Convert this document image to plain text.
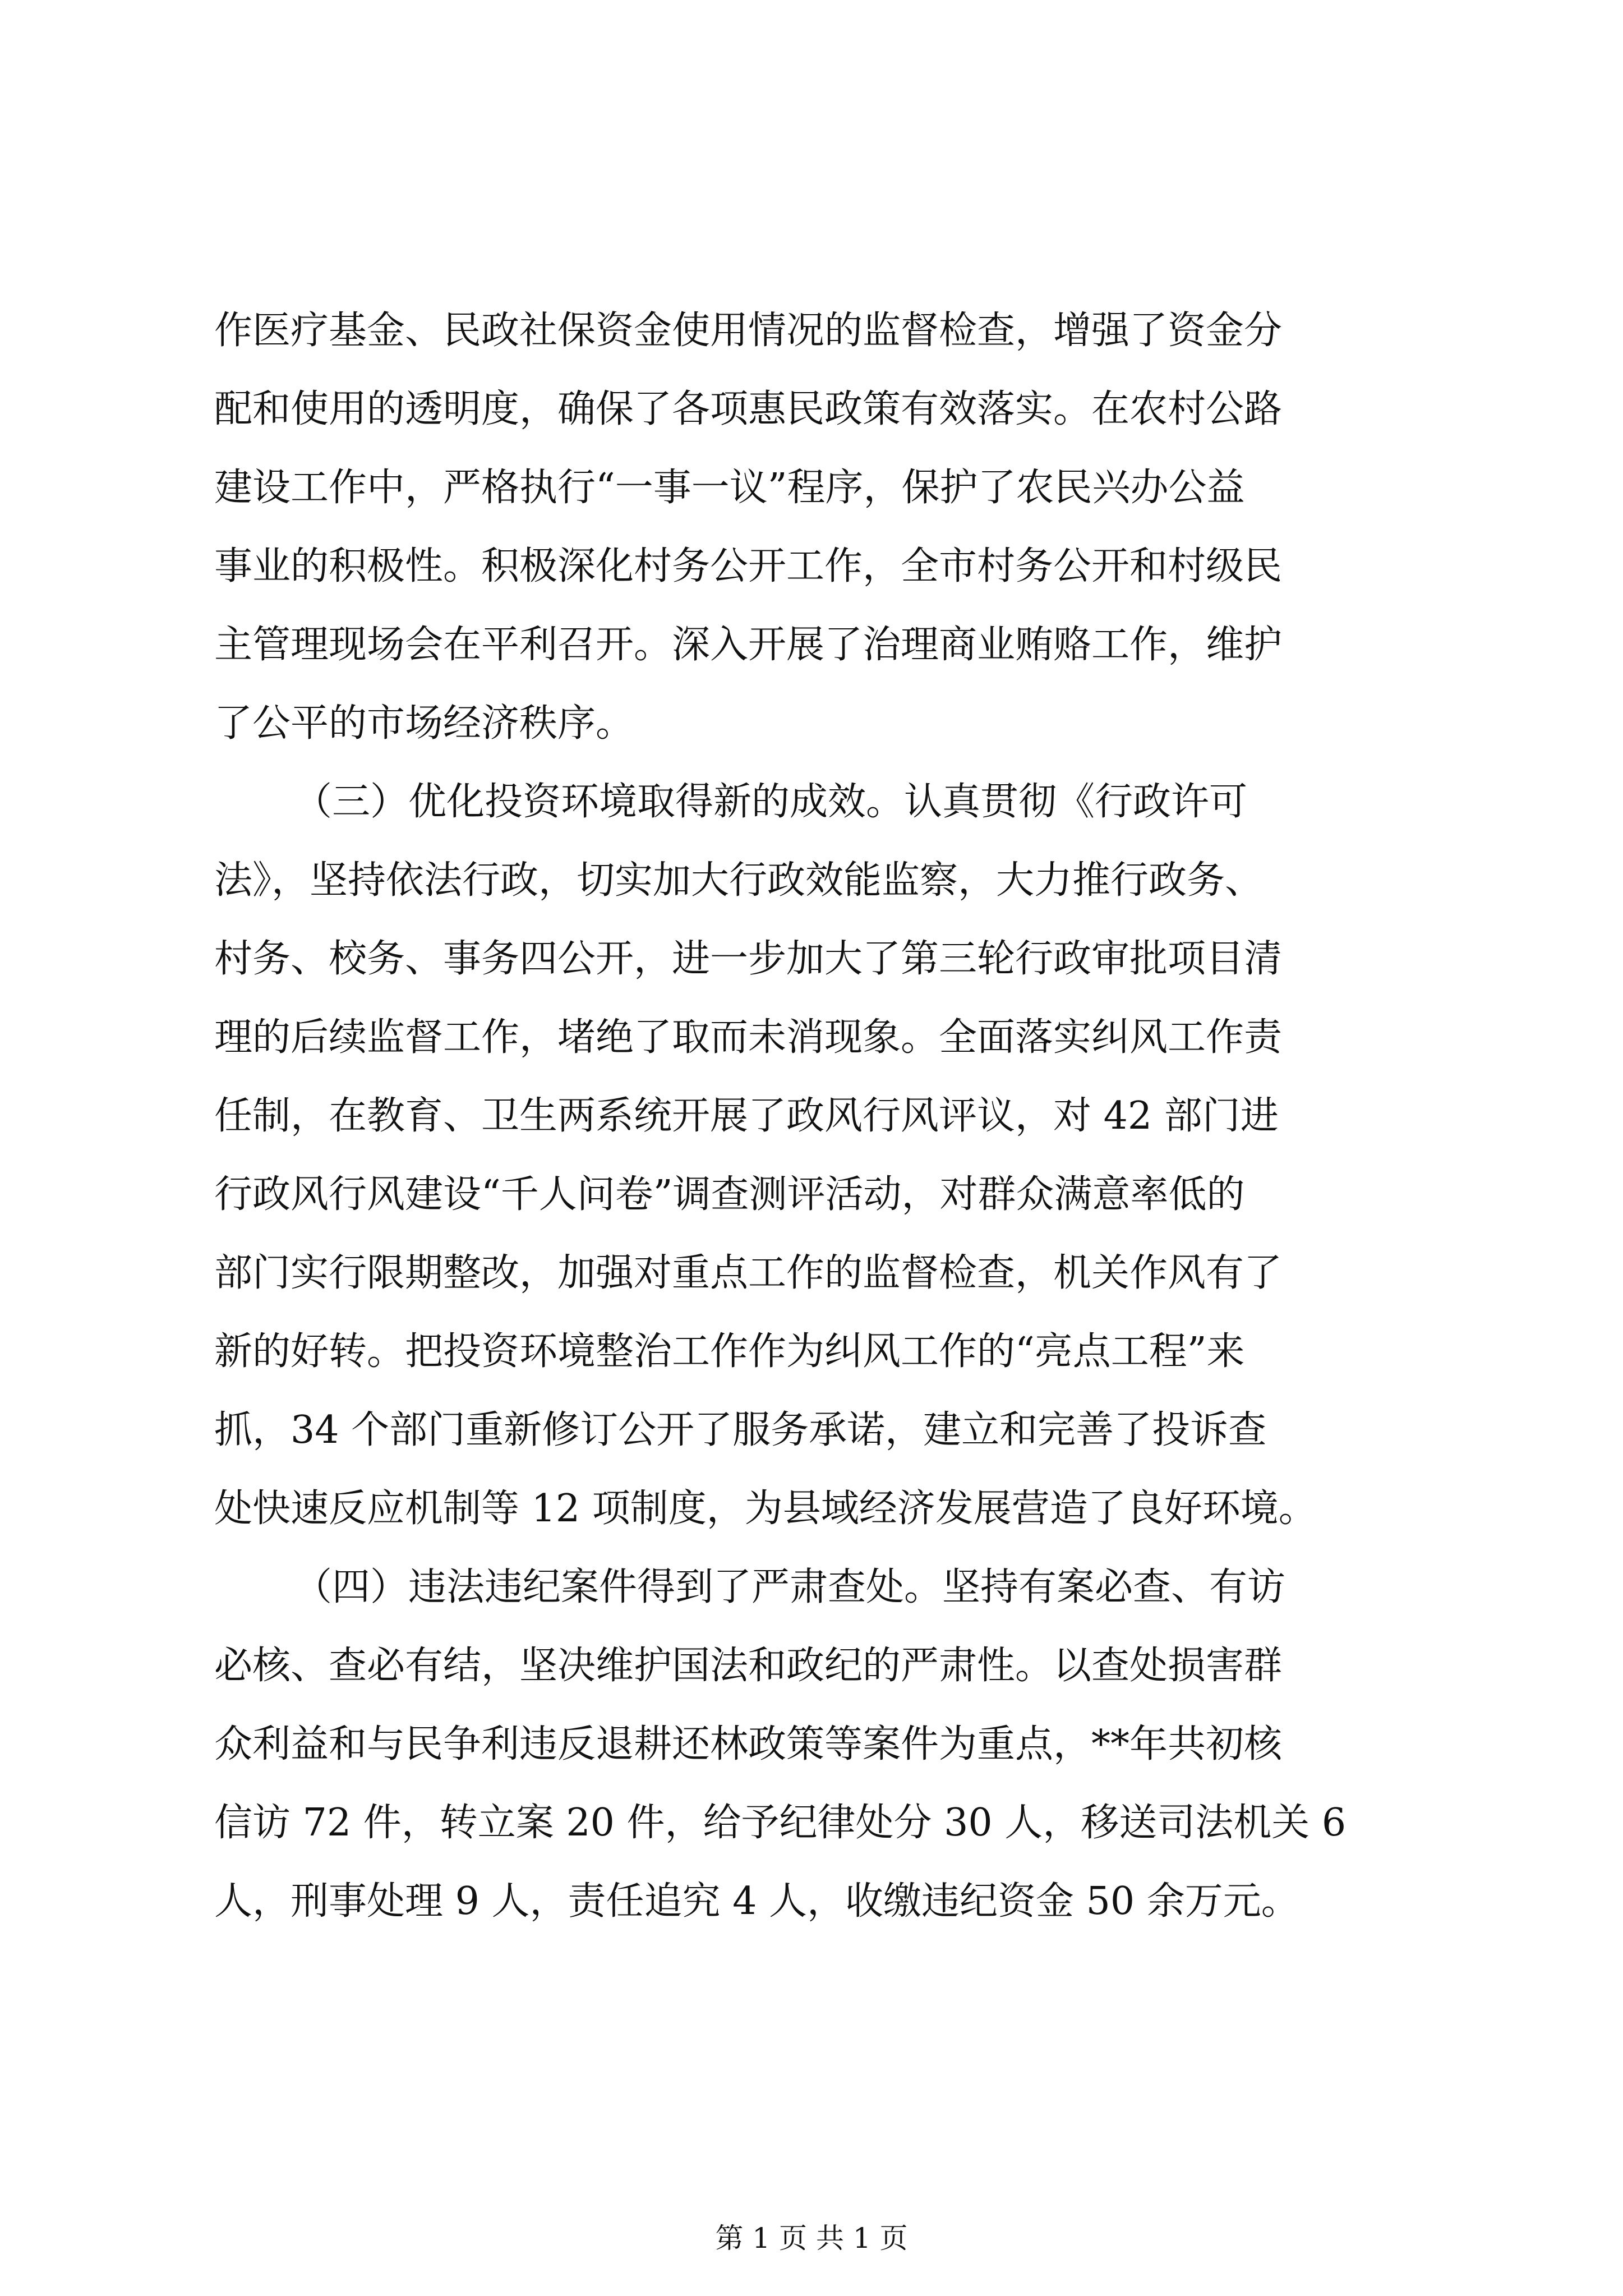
作医疗基金、民政社保资金使用情况的监督检查，增强了资金分
配和使用的透明度，确保了各项惠民政策有效落实。在农村公路
建设工作中，严格执行“一事一议”程序，保护了农民兴办公益
事业的积极性。积极深化村务公开工作，全市村务公开和村级民
主管理现场会在平利召开。深入开展了治理商业贿赂工作，维护
了公平的市场经济秩序。
（三）优化投资环境取得新的成效。认真贯彻《行政许可
法》，坚持依法行政，切实加大行政效能监察，大力推行政务、
村务、校务、事务四公开，进一步加大了第三轮行政审批项目清
理的后续监督工作，堵绝了取而未消现象。全面落实纠风工作责
任制，在教育、卫生两系统开展了政风行风评议，对 42 部门进
行政风行风建设“千人问卷”调查测评活动，对群众满意率低的
部门实行限期整改，加强对重点工作的监督检查，机关作风有了
新的好转。把投资环境整治工作作为纠风工作的“亮点工程”来
抓，34 个部门重新修订公开了服务承诺，建立和完善了投诉查
处快速反应机制等 12 项制度，为县域经济发展营造了良好环境。
（四）违法违纪案件得到了严肃查处。坚持有案必查、有访
必核、查必有结，坚决维护国法和政纪的严肃性。以查处损害群
众利益和与民争利违反退耕还林政策等案件为重点，**年共初核
信访 72 件，转立案 20 件，给予纪律处分 30 人，移送司法机关 6
人，刑事处理 9 人，责任追究 4 人，收缴违纪资金 50 余万元。
第 1 页 共 1 页
